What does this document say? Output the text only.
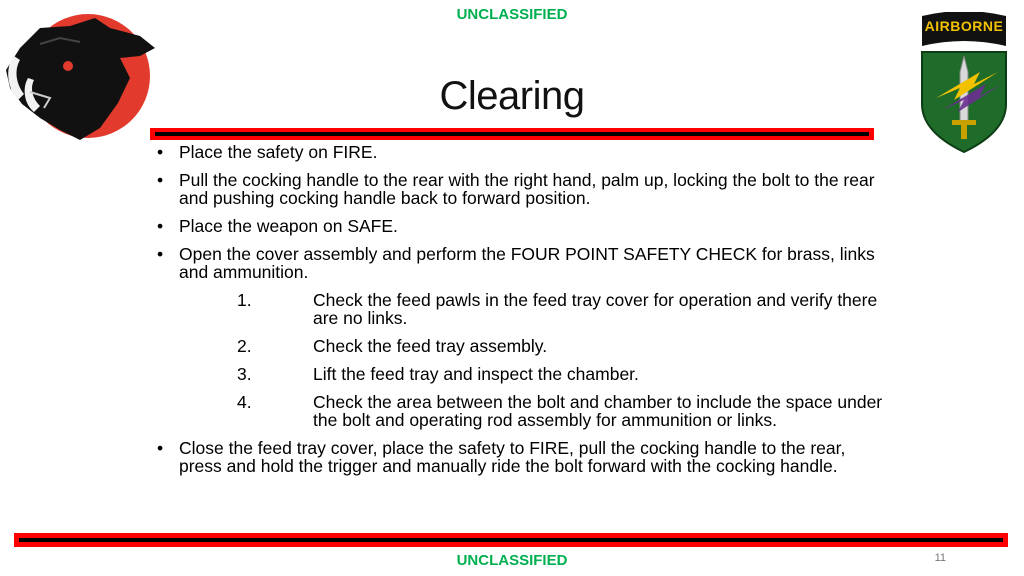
UNCLASSIFIED
AIRBORNE
Clearing
• Place the safety on FIRE.
• Pull the cocking handle to the rear with the right hand, palm up, locking the bolt to the rear and pushing cocking handle back to forward position.
• Place the weapon on SAFE.
• Open the cover assembly and perform the FOUR POINT SAFETY CHECK for brass, links and ammunition.
1.	Check the feed pawls in the feed tray cover for operation and verify there are no links.
2.	Check the feed tray assembly.
3.	Lift the feed tray and inspect the chamber.
4.	Check the area between the bolt and chamber to include the space under the bolt and operating rod assembly for ammunition or links.
• Close the feed tray cover, place the safety to FIRE, pull the cocking handle to the rear, press and hold the trigger and manually ride the bolt forward with the cocking handle.
UNCLASSIFIED	11
